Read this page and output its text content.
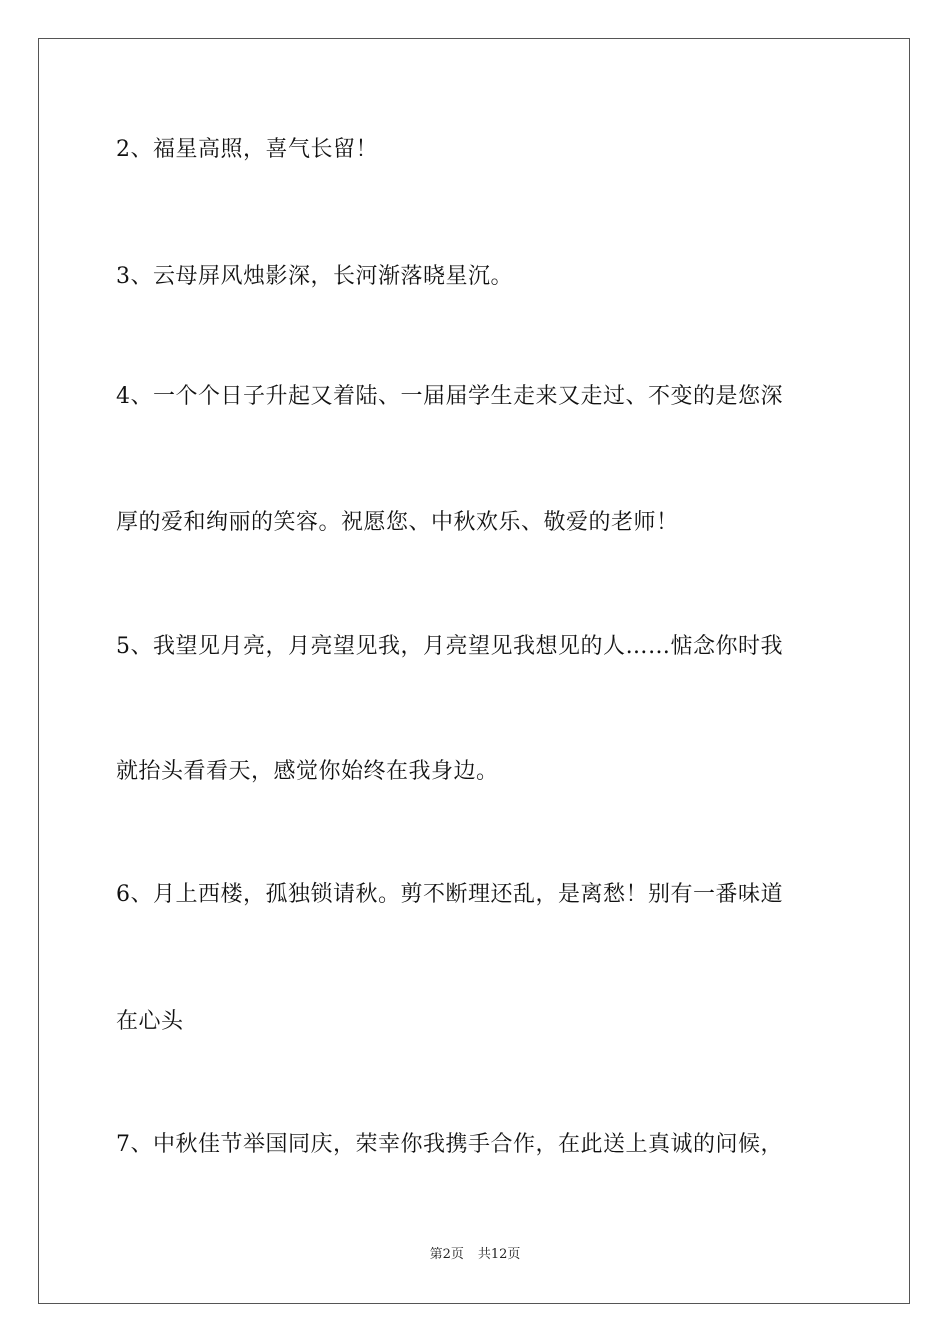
2、福星高照，喜气长留！
3、云母屏风烛影深，长河渐落晓星沉。
4、一个个日子升起又着陆、一届届学生走来又走过、不变的是您深
厚的爱和绚丽的笑容。祝愿您、中秋欢乐、敬爱的老师！
5、我望见月亮，月亮望见我，月亮望见我想见的人……惦念你时我
就抬头看看天，感觉你始终在我身边。
6、月上西楼，孤独锁请秋。剪不断理还乱，是离愁！别有一番味道
在心头
7、中秋佳节举国同庆，荣幸你我携手合作，在此送上真诚的问候，
第2页 共12页
